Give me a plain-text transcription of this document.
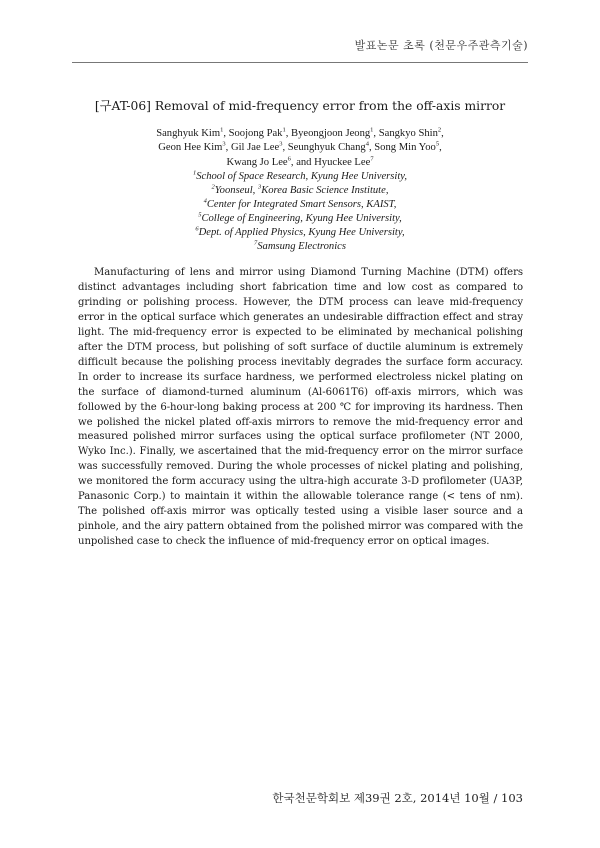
발표논문 초록 (천문우주관측기술)
[구AT-06] Removal of mid-frequency error from the off-axis mirror
Sanghyuk Kim$^1$, Soojong Pak$^1$, Byeongjoon Jeong$^1$, Sangkyo Shin$^2$,
Geon Hee Kim$^3$, Gil Jae Lee$^3$, Seunghyuk Chang$^4$, Song Min Yoo$^5$,
Kwang Jo Lee$^6$, and Hyuckee Lee$^7$
$^1$School of Space Research, Kyung Hee University,
$^2$Yoonseul, $^3$Korea Basic Science Institute,
$^4$Center for Integrated Smart Sensors, KAIST,
$^5$College of Engineering, Kyung Hee University,
$^6$Dept. of Applied Physics, Kyung Hee University,
$^7$Samsung Electronics
Manufacturing of lens and mirror using Diamond Turning Machine (DTM) offers distinct advantages including short fabrication time and low cost as compared to grinding or polishing process. However, the DTM process can leave mid-frequency error in the optical surface which generates an undesirable diffraction effect and stray light. The mid-frequency error is expected to be eliminated by mechanical polishing after the DTM process, but polishing of soft surface of ductile aluminum is extremely difficult because the polishing process inevitably degrades the surface form accuracy. In order to increase its surface hardness, we performed electroless nickel plating on the surface of diamond-turned aluminum (Al-6061T6) off-axis mirrors, which was followed by the 6-hour-long baking process at 200 ℃ for improving its hardness. Then we polished the nickel plated off-axis mirrors to remove the mid-frequency error and measured polished mirror surfaces using the optical surface profilometer (NT 2000, Wyko Inc.). Finally, we ascertained that the mid-frequency error on the mirror surface was successfully removed. During the whole processes of nickel plating and polishing, we monitored the form accuracy using the ultra-high accurate 3-D profilometer (UA3P, Panasonic Corp.) to maintain it within the allowable tolerance range (< tens of nm). The polished off-axis mirror was optically tested using a visible laser source and a pinhole, and the airy pattern obtained from the polished mirror was compared with the unpolished case to check the influence of mid-frequency error on optical images.
한국천문학회보 제39권 2호, 2014년 10월 / 103
